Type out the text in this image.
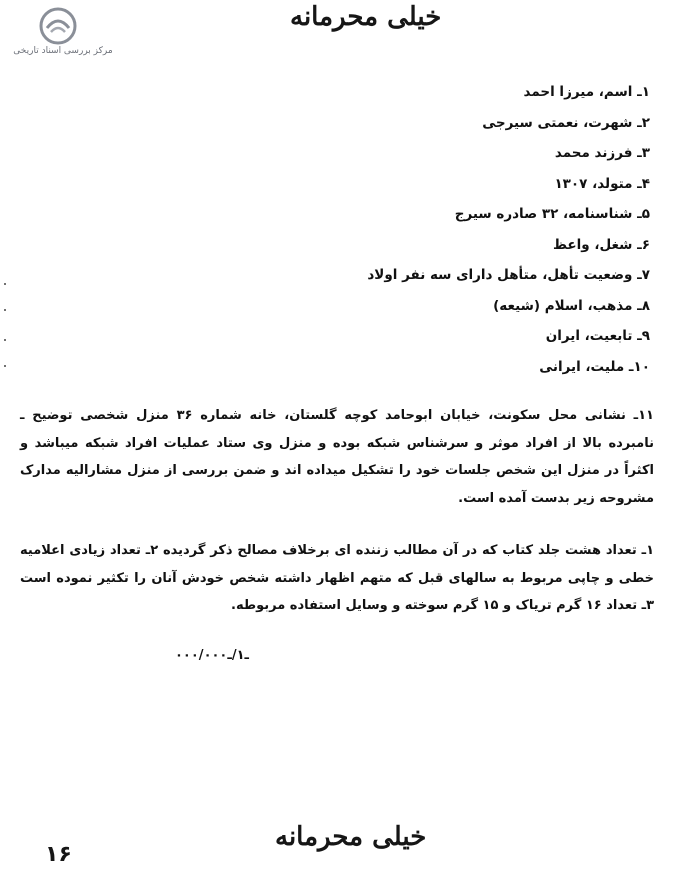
مرکز بررسی اسناد تاریخی
خیلی محرمانه
۱ـ اسم، میرزا احمد
۲ـ شهرت، نعمتی سیرجی
۳ـ فرزند محمد
۴ـ متولد، ۱۳۰۷
۵ـ شناسنامه، ۳۲ صادره سیرج
۶ـ شغل، واعظ
۷ـ وضعیت تأهل، متأهل دارای سه نفر اولاد
۸ـ مذهب، اسلام (شیعه)
۹ـ تابعیت، ایران
۱۰ـ ملیت، ایرانی
۱۱ـ نشانی محل سکونت، خیابان ابوحامد کوچه گلستان، خانه شماره ۳۶ منزل شخصی توضیح ـ نامبرده بالا از افراد موثر و سرشناس شبکه بوده و منزل وی ستاد عملیات افراد شبکه میباشد و اکثراً در منزل این شخص جلسات خود را تشکیل میداده اند و ضمن بررسی از منزل مشارالیه مدارک مشروحه زیر بدست آمده است.
۱ـ تعداد هشت جلد کتاب که در آن مطالب زننده ای برخلاف مصالح ذکر گردیده ۲ـ تعداد زیادی اعلامیه خطی و چاپی مربوط به سالهای قبل که متهم اظهار داشته شخص خودش آنان را تکثیر نموده است ۳ـ تعداد ۱۶ گرم تریاک و ۱۵ گرم سوخته و وسایل استفاده مربوطه.
۰۰۰/ـ۱/ـ۰۰۰
خیلی محرمانه
۱۶
